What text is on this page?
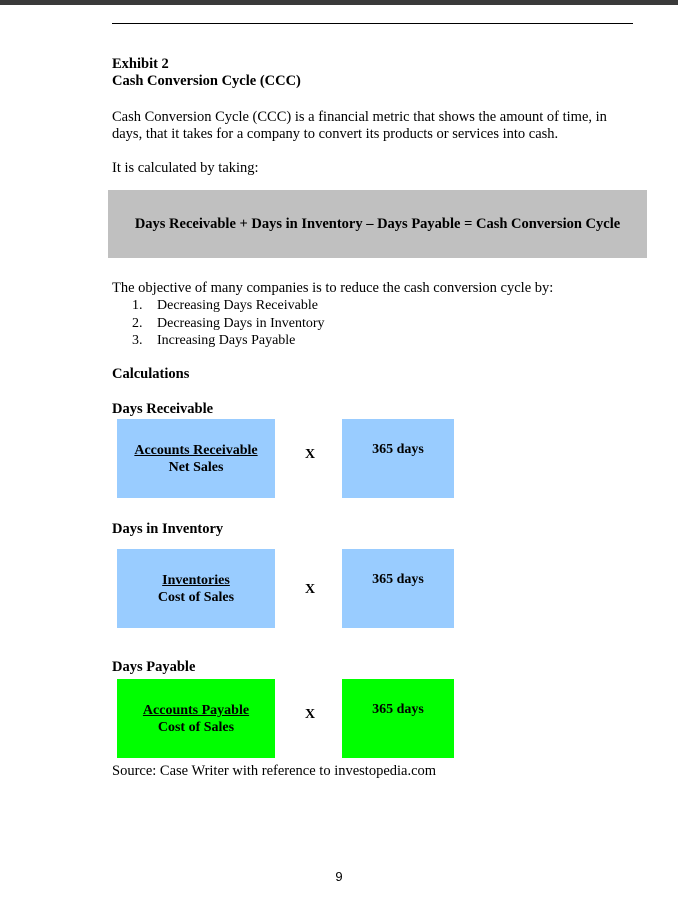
Exhibit 2
Cash Conversion Cycle (CCC)
Cash Conversion Cycle (CCC) is a financial metric that shows the amount of time, in
days, that it takes for a company to convert its products or services into cash.
It is calculated by taking:
Days Receivable + Days in Inventory – Days Payable = Cash Conversion Cycle
The objective of many companies is to reduce the cash conversion cycle by:
1.	Decreasing Days Receivable
2.	Decreasing Days in Inventory
3.	Increasing Days Payable
Calculations
Days Receivable
Accounts Receivable
Net Sales
X	365 days
Days in Inventory
Inventories
Cost of Sales
X
365 days
Days Payable
Accounts Payable
Cost of Sales
X	365 days
Source: Case Writer with reference to investopedia.com
9
